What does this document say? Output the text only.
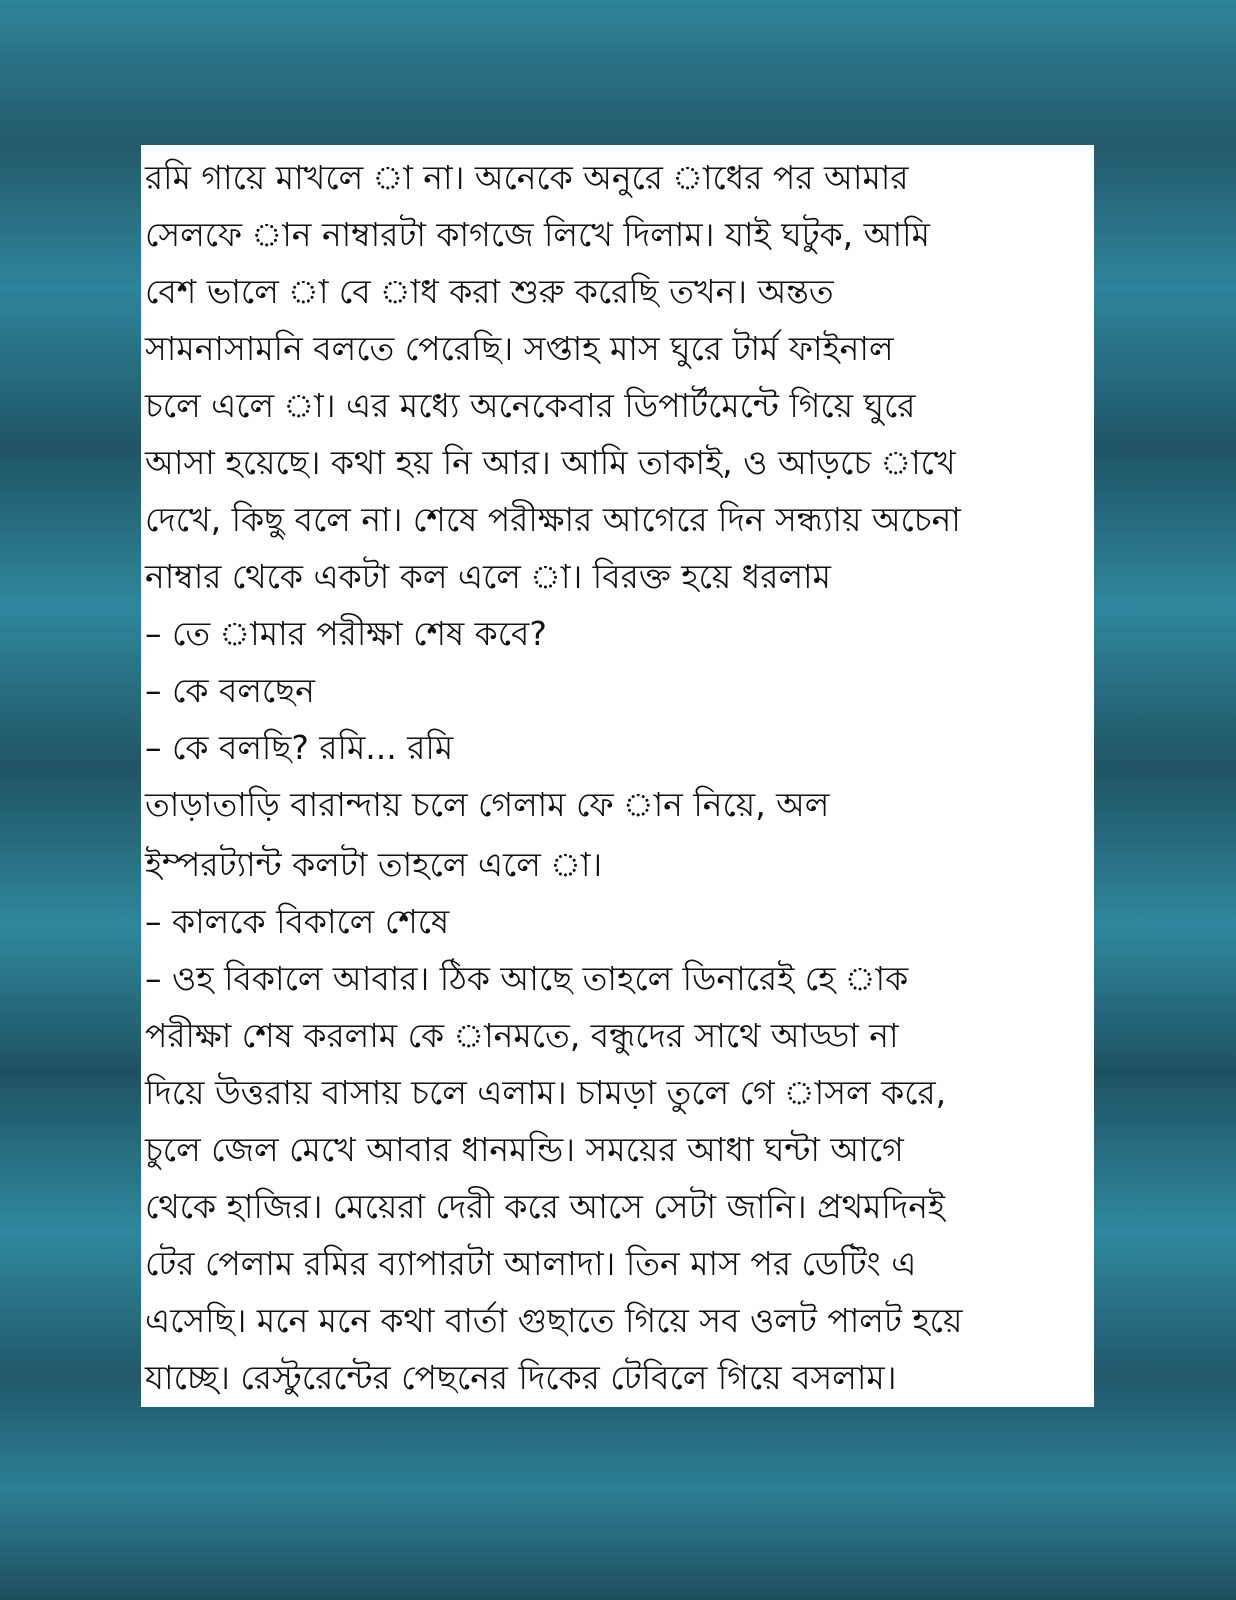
রমি গায়ে মাখলে া না। অনেকে অনুরে াধের পর আমার
সেলফে ান নাম্বারটা কাগজে লিখে দিলাম। যাই ঘটুক, আমি
বেশ ভালে া বে াধ করা শুরু করেছি তখন। অন্তত
সামনাসামনি বলতে পেরেছি। সপ্তাহ মাস ঘুরে টার্ম ফাইনাল
চলে এলে া। এর মধ্যে অনেকেবার ডিপার্টমেন্টে গিয়ে ঘুরে
আসা হয়েছে। কথা হয় নি আর। আমি তাকাই, ও আড়চে াখে
দেখে, কিছু বলে না। শেষে পরীক্ষার আগেরে দিন সন্ধ্যায় অচেনা
নাম্বার থেকে একটা কল এলে া। বিরক্ত হয়ে ধরলাম
– তে ামার পরীক্ষা শেষ কবে?
– কে বলছেন
– কে বলছি? রমি... রমি
তাড়াতাড়ি বারান্দায় চলে গেলাম ফে ান নিয়ে, অল
ইম্পরট্যান্ট কলটা তাহলে এলে া।
– কালকে বিকালে শেষে
– ওহ বিকালে আবার। ঠিক আছে তাহলে ডিনারেই হে াক
পরীক্ষা শেষ করলাম কে ানমতে, বন্ধুদের সাথে আড্ডা না
দিয়ে উত্তরায় বাসায় চলে এলাম। চামড়া তুলে গে াসল করে,
চুলে জেল মেখে আবার ধানমন্ডি। সময়ের আধা ঘন্টা আগে
থেকে হাজির। মেয়েরা দেরী করে আসে সেটা জানি। প্রথমদিনই
টের পেলাম রমির ব্যাপারটা আলাদা। তিন মাস পর ডেটিং এ
এসেছি। মনে মনে কথা বার্তা গুছাতে গিয়ে সব ওলট পালট হয়ে
যাচ্ছে। রেস্টুরেন্টের পেছনের দিকের টেবিলে গিয়ে বসলাম।
